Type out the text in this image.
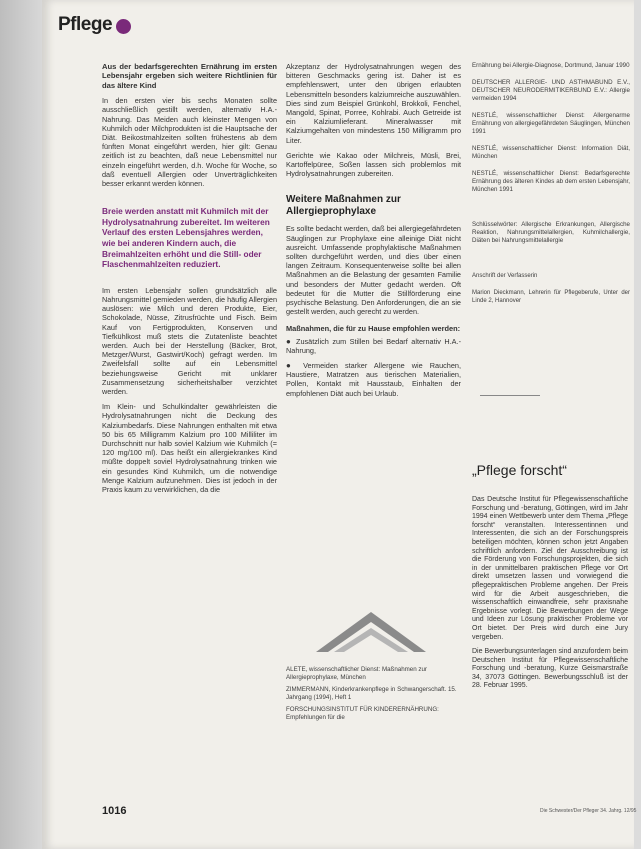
Pflege

Aus der bedarfsgerechten Ernährung im ersten Lebensjahr ergeben sich weitere Richtlinien für das ältere Kind

In den ersten vier bis sechs Monaten sollte ausschließlich gestillt werden, alternativ H.A.-Nahrung. Das Meiden auch kleinster Mengen von Kuhmilch oder Milchprodukten ist die Hauptsache der Diät. Beikostmahlzeiten sollten frühestens ab dem fünften Monat eingeführt werden, hier gilt: Genau zeitlich ist zu beachten, daß neue Lebensmittel nur einzeln eingeführt werden, d.h. Woche für Woche, so daß eventuell Allergien oder Unverträglichkeiten besser erkannt werden können.

Breie werden anstatt mit Kuhmilch mit der Hydrolysatnahrung zubereitet. Im weiteren Verlauf des ersten Lebensjahres werden, wie bei anderen Kindern auch, die Breimahlzeiten erhöht und die Still- oder Flaschenmahlzeiten reduziert.

Im ersten Lebensjahr sollen grundsätzlich alle Nahrungsmittel gemieden werden, die häufig Allergien auslösen: wie Milch und deren Produkte, Eier, Schokolade, Nüsse, Zitrusfrüchte und Fisch. Beim Kauf von Fertigprodukten, Konserven und Tiefkühlkost muß stets die Zutatenliste beachtet werden. Auch bei der Herstellung (Bäcker, Brot, Metzger/Wurst, Gastwirt/Koch) gefragt werden. Im Zweifelsfall sollte auf ein Lebensmittel beziehungsweise Gericht mit unklarer Zusammensetzung sicherheitshalber verzichtet werden.

Im Klein- und Schulkindalter gewährleisten die Hydrolysatnahrungen nicht die Deckung des Kalziumbedarfs. Diese Nahrungen enthalten mit etwa 50 bis 65 Milligramm Kalzium pro 100 Milliliter im Durchschnitt nur halb soviel Kalzium wie Kuhmilch (= 120 mg/100 ml). Das heißt ein allergiekrankes Kind müßte doppelt soviel Hydrolysatnahrung trinken wie ein gesundes Kind Kuhmilch, um die notwendige Menge Kalzium aufzunehmen. Dies ist jedoch in der Praxis kaum zu verwirklichen, da die

Akzeptanz der Hydrolysatnahrungen wegen des bitteren Geschmacks gering ist. Daher ist es empfehlenswert, unter den übrigen erlaubten Lebensmitteln besonders kalziumreiche auszuwählen. Dies sind zum Beispiel Grünkohl, Brokkoli, Fenchel, Mangold, Spinat, Porree, Kohlrabi. Auch Getreide ist ein Kalziumlieferant. Mineralwasser mit Kalziumgehalten von mindestens 150 Milligramm pro Liter.

Gerichte wie Kakao oder Milchreis, Müsli, Brei, Kartoffelpüree, Soßen lassen sich problemlos mit Hydrolysatnahrungen zubereiten.

Weitere Maßnahmen zur Allergieprophylaxe

Es sollte bedacht werden, daß bei allergiegefährdeten Säuglingen zur Prophylaxe eine alleinige Diät nicht ausreicht. Umfassende prophylaktische Maßnahmen sollten durchgeführt werden, und dies über einen langen Zeitraum. Konsequenterweise sollte bei allen Maßnahmen an die Belastung der gesamten Familie und besonders der Mutter gedacht werden. Oft bedeutet für die Mutter die Stillförderung eine psychische Belastung. Den Anforderungen, die an sie gestellt werden, auch gerecht zu werden.

Maßnahmen, die für zu Hause empfohlen werden:

● Zusätzlich zum Stillen bei Bedarf alternativ H.A.-Nahrung,

● Vermeiden starker Allergene wie Rauchen, Haustiere, Matratzen aus tierischen Materialien, Pollen, Kontakt mit Hausstaub, Einhalten der empfohlenen Diät auch bei Urlaub.

ALETE, wissenschaftlicher Dienst: Maßnahmen zur Allergieprophylaxe, München

ZIMMERMANN, Kinderkrankenpflege in Schwangerschaft. 15. Jahrgang (1994), Heft 1

FORSCHUNGSINSTITUT FÜR KINDERERNÄHRUNG: Empfehlungen für die

Ernährung bei Allergie-Diagnose, Dortmund, Januar 1990

DEUTSCHER ALLERGIE- UND ASTHMABUND E.V., DEUTSCHER NEURODERMITIKERBUND E.V.: Allergie vermeiden 1994

NESTLÉ, wissenschaftlicher Dienst: Allergenarme Ernährung von allergiegefährdeten Säuglingen, München 1991

NESTLÉ, wissenschaftlicher Dienst: Information Diät, München

NESTLÉ, wissenschaftlicher Dienst: Bedarfsgerechte Ernährung des älteren Kindes ab dem ersten Lebensjahr, München 1991

Schlüsselwörter: Allergische Erkrankungen, Allergische Reaktion, Nahrungsmittelallergien, Kuhmilchallergie, Diäten bei Nahrungsmittelallergie

Anschrift der Verfasserin

Marion Dieckmann, Lehrerin für Pflegeberufe, Unter der Linde 2, Hannover

„Pflege forscht“

Das Deutsche Institut für Pflegewissenschaftliche Forschung und -beratung, Göttingen, wird im Jahr 1994 einen Wettbewerb unter dem Thema „Pflege forscht“ veranstalten. Interessentinnen und Interessenten, die sich an der Forschungspreis beteiligen möchten, können schon jetzt Angaben schriftlich anfordern. Ziel der Ausschreibung ist die Förderung von Forschungsprojekten, die sich in der unmittelbaren praktischen Pflege vor Ort direkt umsetzen lassen und vorwiegend die pflegepraktischen Probleme angehen. Der Preis wird für die Arbeit ausgeschrieben, die wissenschaftlich einwandfreie, sehr praxisnahe Ergebnisse vorlegt. Die Bewerbungen der Wege und Ideen zur Lösung praktischer Probleme vor Ort bietet. Der Preis wird durch eine Jury vergeben.

Die Bewerbungsunterlagen sind anzufordern beim Deutschen Institut für Pflegewissenschaftliche Forschung und -beratung, Kurze Geismarstraße 34, 37073 Göttingen. Bewerbungsschluß ist der 28. Februar 1995.

1016	Die Schwester/Der Pfleger 34. Jahrg. 12/95
